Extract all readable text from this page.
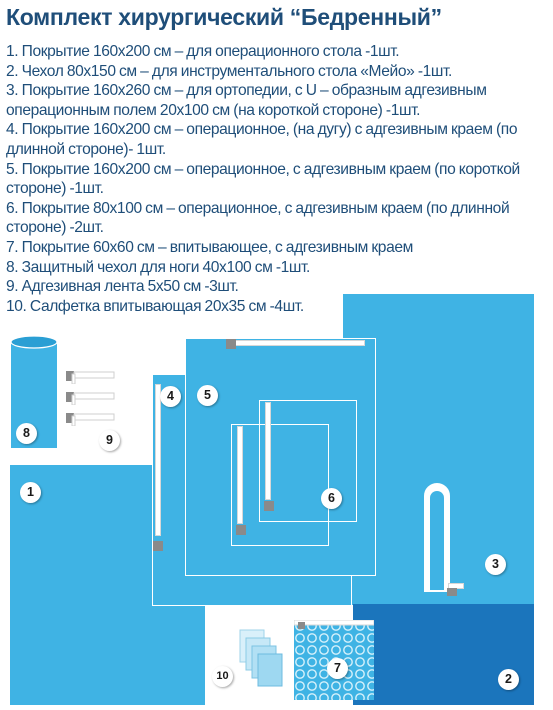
Комплект хирургический “Бедренный”
1. Покрытие 160х200 см – для операционного стола -1шт.
2. Чехол 80х150 см – для инструментального стола «Мейо» -1шт.
3. Покрытие 160х260 см – для ортопедии, с U – образным адгезивным операционным полем 20х100 см (на короткой стороне) -1шт.
4. Покрытие 160х200 см – операционное, (на дугу) с адгезивным краем (по длинной стороне)- 1шт.
5. Покрытие 160х200 см – операционное, с адгезивным краем (по короткой стороне) -1шт.
6. Покрытие 80х100 см – операционное, с адгезивным краем (по длинной стороне) -2шт.
7. Покрытие 60х60 см – впитывающее, с адгезивным краем
8. Защитный чехол для ноги 40х100 см -1шт.
9. Адгезивная лента 5х50 см -3шт.
10. Салфетка впитывающая 20х35 см -4шт.
1
2
3
4	5
6
7
8	9
10
